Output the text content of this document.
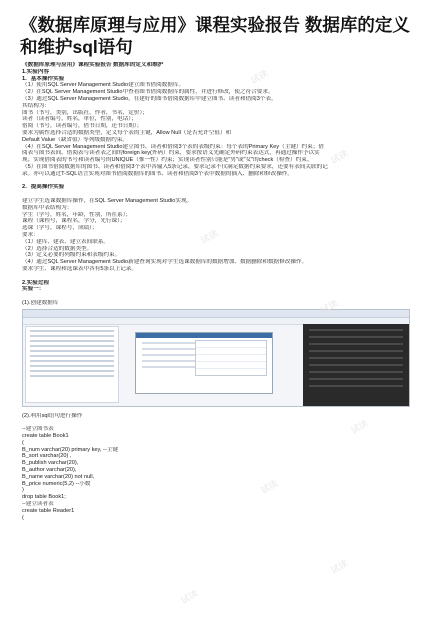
《数据库原理与应用》课程实验报告 数据库的定义和维护sql语句
《数据库原理与应用》课程实验报告 数据库的定义和维护
1.实验内容
1．基本操作实验
（1）使用SQL Server Management Studio建立图书借阅数据库。
（2）在SQL Server Management Studio中查看图书借阅数据库的属性，并进行修改，使之符合要求。
（3）通过SQL Server Management Studio，在建好的图书借阅数据库中建立图书、读者和借阅3个表，
其结构为：
图书（书号，类别，出版社，作者，书名，定价）；
读者（读者编号，姓名，单位，性别，电话）；
借阅（书号，读者编号，借书日期，还书日期）；
要求为属性选择合适的数据类型，定义每个表的主键，Allow Null（是否允许空值）和
Default Value（缺省值）等列级数据约束。
（4）在SQL Server Management Studio建立图书、读者和借阅3个表的表级约束：每个表的Primary Key（主键）约束；借
阅表与图书表间、借阅表与读者表之间的foreign key(外码）约束，要求按语义先确定外码约束表达式，再通过操作予以实
现；实现借阅表的书号和读者编号的UNIQUE（惟一性）约束；实现读者性别只能是"男"或"女"的check（检查）约束。
（5）在图书借阅数据库的图书、读者和借阅3个表中各输入5条记录，要求记录不仅满足数据约束要求，还要有表间关联的记
录。亦可以通过T-SQL语言实现对图书借阅数据库的图书、读者和借阅3个表中数据的插入、删除和修改操作。
2．提高操作实验
建立学生选课数据库操作，在SQL Server Management Studio实现。
数据库中表结构为：
学生（学号，姓名，年龄，性别，所在系）；
课程（课程号，课程名，学分，先行课）；
选课（学号，课程号，成绩）；
要求：
（1）建库、建表、建立表间联系。
（2）选择合适的数据类型。
（3）定义必要的列级约束和表级约束。
（4）通过SQL Server Management Studio新建查询实现对学生选课数据库的数据增加、数据删除和数据修改操作。
要求学生、课程和选课表中各有5条以上记录。
2.实验过程
实验一：
(1).创建数据库
(2).利用sql语句进行操作
--建立图书表
create table Book1
(
B_num varchar(20) primary key, --主键
B_sort varchar(20) ,
B_publish varchar(20),
B_author varchar(20),
B_name varchar(20) not null,
B_price numeric(5,2) --小数
)
drop table Book1;
--建立读者表
create table Reader1
(
试读
试读
试读
试读
试读
试读
试读
试读
